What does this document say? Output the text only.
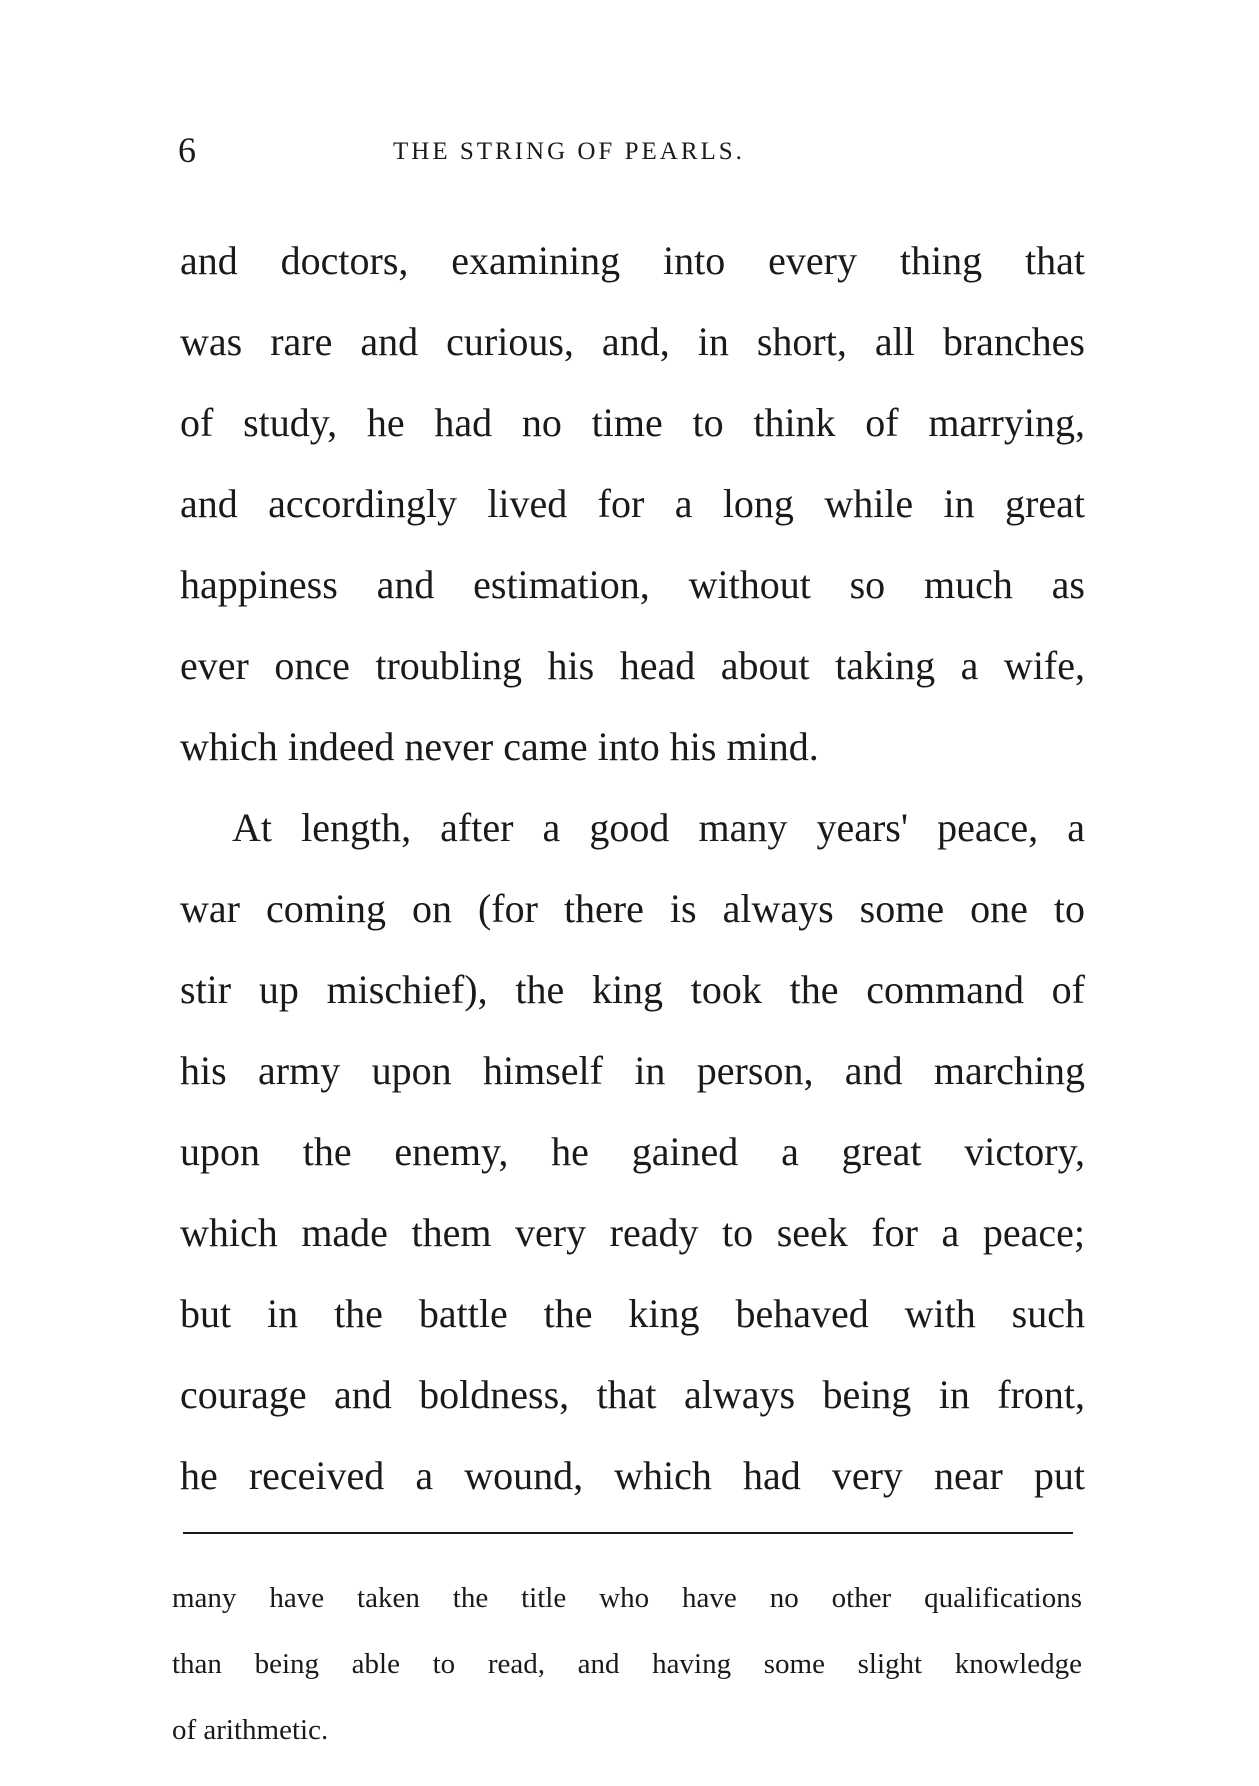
6	THE STRING OF PEARLS.
and doctors, examining into every thing that
was rare and curious, and, in short, all branches
of study, he had no time to think of marrying,
and accordingly lived for a long while in great
happiness and estimation, without so much as
ever once troubling his head about taking a wife,
which indeed never came into his mind.
At length, after a good many years' peace, a
war coming on (for there is always some one to
stir up mischief), the king took the command of
his army upon himself in person, and marching
upon the enemy, he gained a great victory,
which made them very ready to seek for a peace;
but in the battle the king behaved with such
courage and boldness, that always being in front,
he received a wound, which had very near put
many have taken the title who have no other qualifications
than being able to read, and having some slight knowledge
of arithmetic.
